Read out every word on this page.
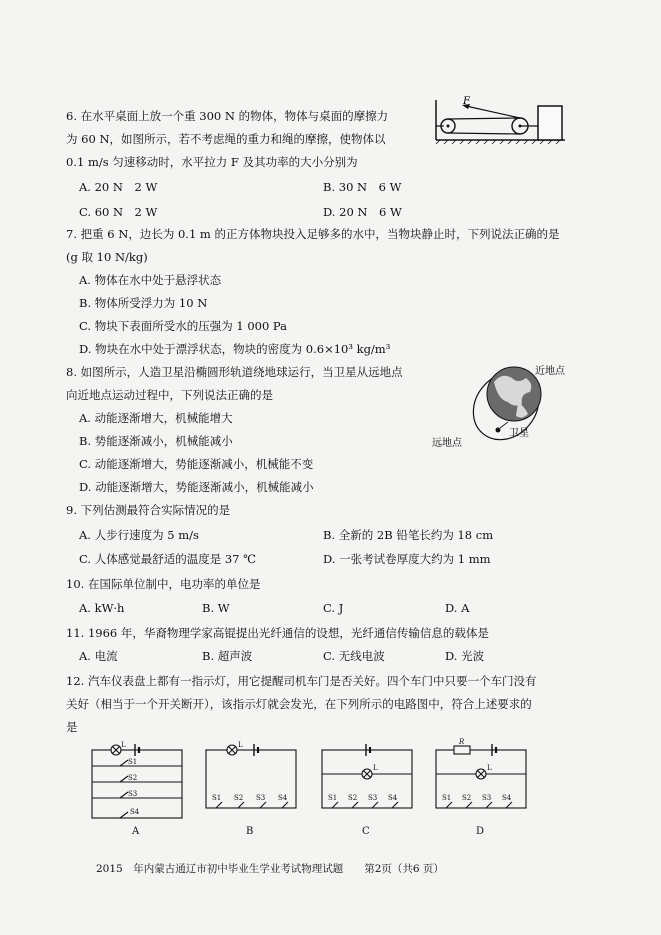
6. 在水平桌面上放一个重 300 N 的物体，物体与桌面的摩擦力
为 60 N，如图所示，若不考虑绳的重力和绳的摩擦，使物体以
0.1 m/s 匀速移动时，水平拉力 F 及其功率的大小分别为
A. 20 N　2 W	B. 30 N　6 W
C. 60 N　2 W	D. 20 N　6 W
F
7. 把重 6 N，边长为 0.1 m 的正方体物块投入足够多的水中，当物块静止时，下列说法正确的是
(g 取 10 N/kg)
A. 物体在水中处于悬浮状态
B. 物体所受浮力为 10 N
C. 物块下表面所受水的压强为 1 000 Pa
D. 物块在水中处于漂浮状态，物块的密度为 0.6×10³ kg/m³
8. 如图所示，人造卫星沿椭圆形轨道绕地球运行，当卫星从远地点
向近地点运动过程中，下列说法正确的是
A. 动能逐渐增大，机械能增大
B. 势能逐渐减小，机械能减小
C. 动能逐渐增大，势能逐渐减小，机械能不变
D. 动能逐渐增大，势能逐渐减小，机械能减小
近地点
远地点
卫星
9. 下列估测最符合实际情况的是
A. 人步行速度为 5 m/s	B. 全新的 2B 铅笔长约为 18 cm
C. 人体感觉最舒适的温度是 37 ℃	D. 一张考试卷厚度大约为 1 mm
10. 在国际单位制中，电功率的单位是
A. kW·h	B. W	C. J	D. A
11. 1966 年，华裔物理学家高锟提出光纤通信的设想，光纤通信传输信息的载体是
A. 电流	B. 超声波	C. 无线电波	D. 光波
12. 汽车仪表盘上都有一指示灯，用它提醒司机车门是否关好。四个车门中只要一个车门没有
关好（相当于一个开关断开），该指示灯就会发光，在下列所示的电路图中，符合上述要求的
是
L
S1
S2
S3
S4
L
S1 S2 S3 S4
L
S1 S2 S3 S4
R
L
S1 S2 S3 S4
A	B	C	D
2015　年内蒙古通辽市初中毕业生学业考试物理试题　　第2页（共6 页）
